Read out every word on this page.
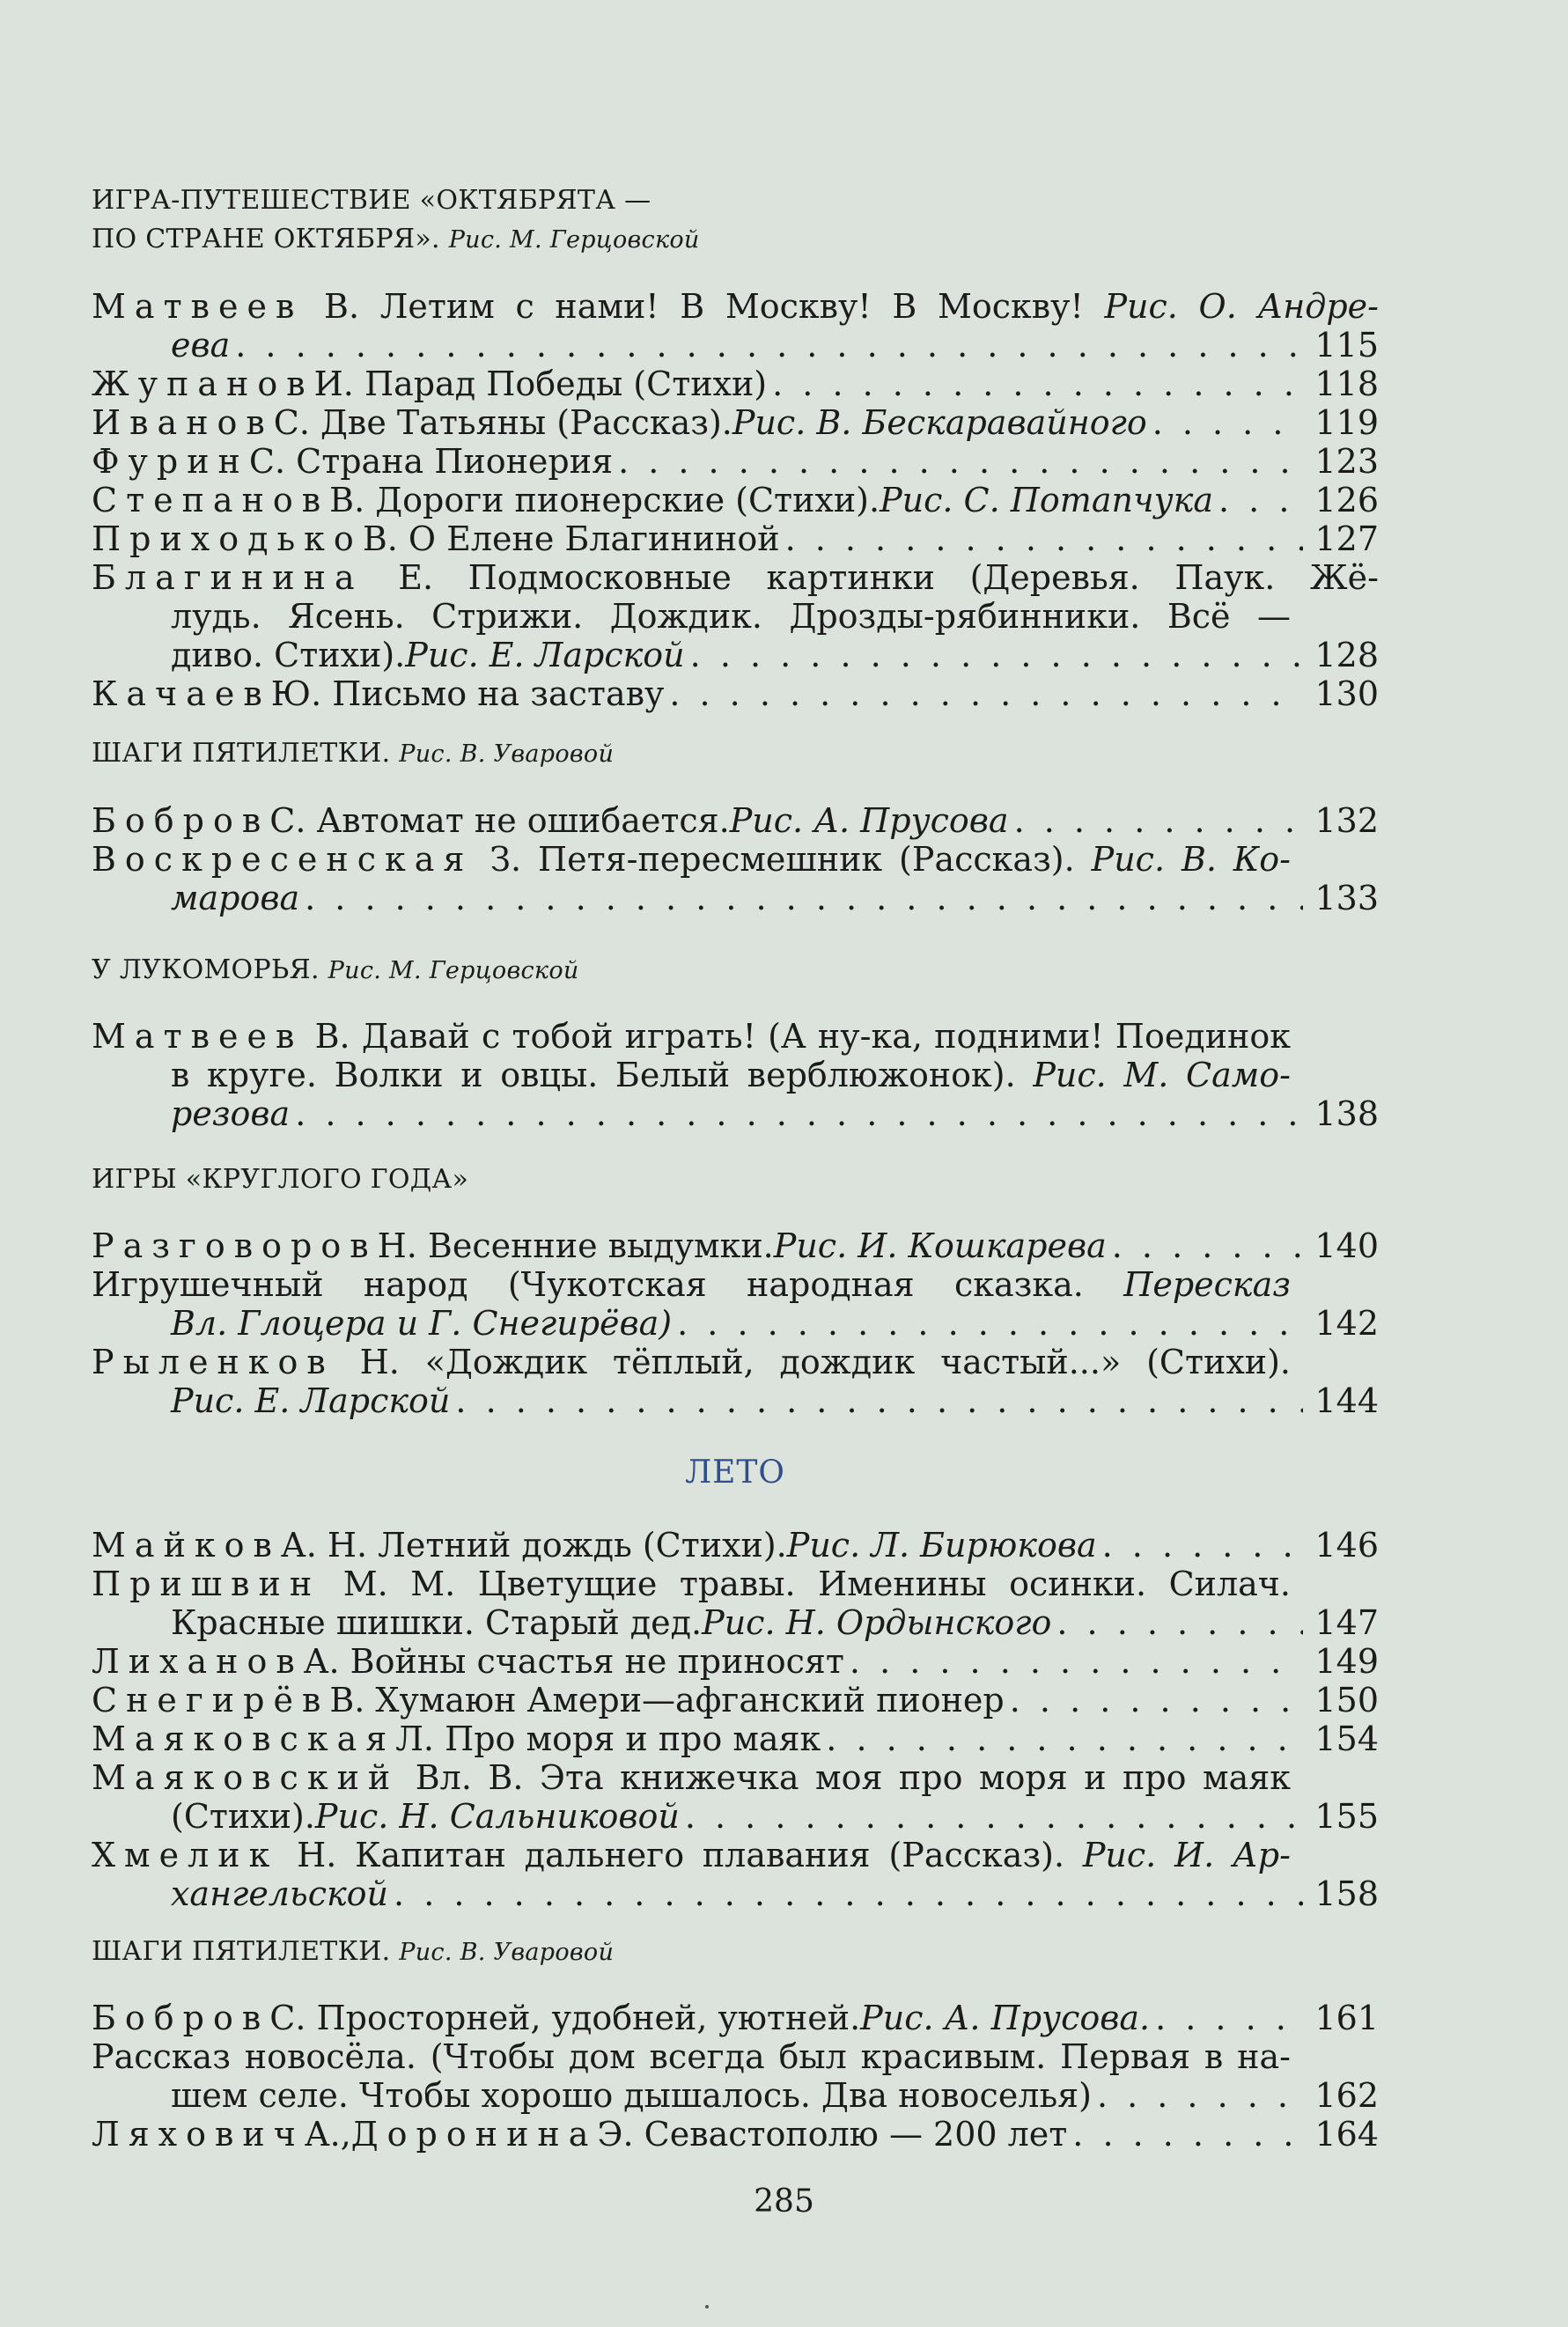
ИГРА-ПУТЕШЕСТВИЕ «ОКТЯБРЯТА —
ПО СТРАНЕ ОКТЯБРЯ». Рис. М. Герцовской
Матвеев В. Летим с нами! В Москву! В Москву! Рис. О. Андре-
ева . . .	115
Жупанов И. Парад Победы (Стихи) . . .	118
Иванов С. Две Татьяны (Рассказ). Рис. В. Бескаравайного . . .	119
Фурин С. Страна Пионерия . . .	123
Степанов В. Дороги пионерские (Стихи). Рис. С. Потапчука . . .	126
Приходько В. О Елене Благининой . . .	127
Благинина Е. Подмосковные картинки (Деревья. Паук. Жё-
лудь. Ясень. Стрижи. Дождик. Дрозды-рябинники. Всё —
диво. Стихи). Рис. Е. Ларской . . .	128
Качаев Ю. Письмо на заставу . . .	130
ШАГИ ПЯТИЛЕТКИ. Рис. В. Уваровой
Бобров С. Автомат не ошибается. Рис. А. Прусова . . .	132
Воскресенская З. Петя-пересмешник (Рассказ). Рис. В. Ко-
марова . . .	133
У ЛУКОМОРЬЯ. Рис. М. Герцовской
Матвеев В. Давай с тобой играть! (А ну-ка, подними! Поединок
в круге. Волки и овцы. Белый верблюжонок). Рис. М. Само-
резова . . .	138
ИГРЫ «КРУГЛОГО ГОДА»
Разговоров Н. Весенние выдумки. Рис. И. Кошкарева . . .	140
Игрушечный народ (Чукотская народная сказка. Пересказ
Вл. Глоцера и Г. Снегирёва) . . .	142
Рыленков Н. «Дождик тёплый, дождик частый...» (Стихи).
Рис. Е. Ларской . . .	144
ЛЕТО
Майков А. Н. Летний дождь (Стихи). Рис. Л. Бирюкова . . .	146
Пришвин М. М. Цветущие травы. Именины осинки. Силач.
Красные шишки. Старый дед. Рис. Н. Ордынского . . .	147
Лиханов А. Войны счастья не приносят . . .	149
Снегирёв В. Хумаюн Амери—афганский пионер . . .	150
Маяковская Л. Про моря и про маяк . . .	154
Маяковский Вл. В. Эта книжечка моя про моря и про маяк
(Стихи). Рис. Н. Сальниковой . . .	155
Хмелик Н. Капитан дальнего плавания (Рассказ). Рис. И. Ар-
хангельской . . .	158
ШАГИ ПЯТИЛЕТКИ. Рис. В. Уваровой
Бобров С. Просторней, удобней, уютней. Рис. А. Прусова. . . .	161
Рассказ новосёла. (Чтобы дом всегда был красивым. Первая в на-
шем селе. Чтобы хорошо дышалось. Два новоселья) . . .	162
Ляхович А., Доронина Э. Севастополю — 200 лет . . .	164
285
